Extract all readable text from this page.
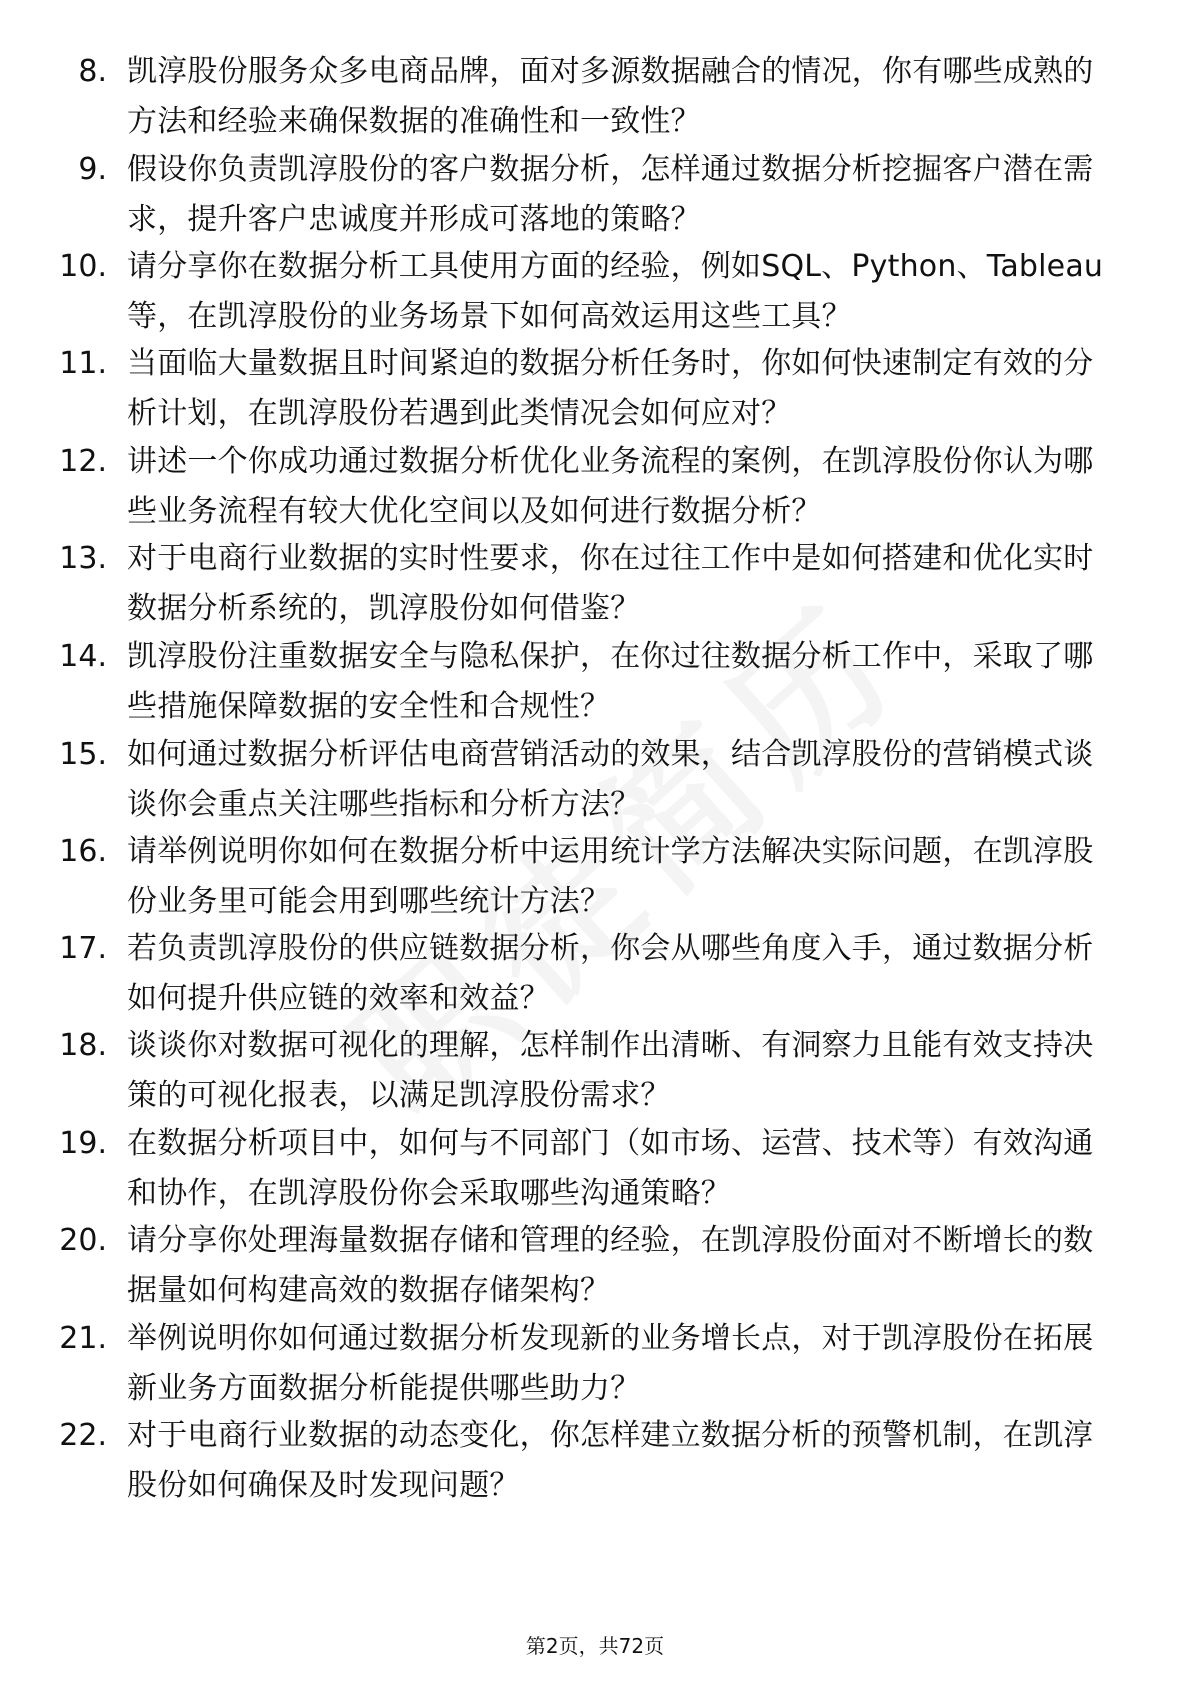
8. 凯淳股份服务众多电商品牌，面对多源数据融合的情况，你有哪些成熟的方法和经验来确保数据的准确性和一致性？
9. 假设你负责凯淳股份的客户数据分析，怎样通过数据分析挖掘客户潜在需求，提升客户忠诚度并形成可落地的策略？
10. 请分享你在数据分析工具使用方面的经验，例如SQL、Python、Tableau等，在凯淳股份的业务场景下如何高效运用这些工具？
11. 当面临大量数据且时间紧迫的数据分析任务时，你如何快速制定有效的分析计划，在凯淳股份若遇到此类情况会如何应对？
12. 讲述一个你成功通过数据分析优化业务流程的案例，在凯淳股份你认为哪些业务流程有较大优化空间以及如何进行数据分析？
13. 对于电商行业数据的实时性要求，你在过往工作中是如何搭建和优化实时数据分析系统的，凯淳股份如何借鉴？
14. 凯淳股份注重数据安全与隐私保护，在你过往数据分析工作中，采取了哪些措施保障数据的安全性和合规性？
15. 如何通过数据分析评估电商营销活动的效果，结合凯淳股份的营销模式谈谈你会重点关注哪些指标和分析方法？
16. 请举例说明你如何在数据分析中运用统计学方法解决实际问题，在凯淳股份业务里可能会用到哪些统计方法？
17. 若负责凯淳股份的供应链数据分析，你会从哪些角度入手，通过数据分析如何提升供应链的效率和效益？
18. 谈谈你对数据可视化的理解，怎样制作出清晰、有洞察力且能有效支持决策的可视化报表，以满足凯淳股份需求？
19. 在数据分析项目中，如何与不同部门（如市场、运营、技术等）有效沟通和协作，在凯淳股份你会采取哪些沟通策略？
20. 请分享你处理海量数据存储和管理的经验，在凯淳股份面对不断增长的数据量如何构建高效的数据存储架构？
21. 举例说明你如何通过数据分析发现新的业务增长点，对于凯淳股份在拓展新业务方面数据分析能提供哪些助力？
22. 对于电商行业数据的动态变化，你怎样建立数据分析的预警机制，在凯淳股份如何确保及时发现问题？
第2页，共72页
